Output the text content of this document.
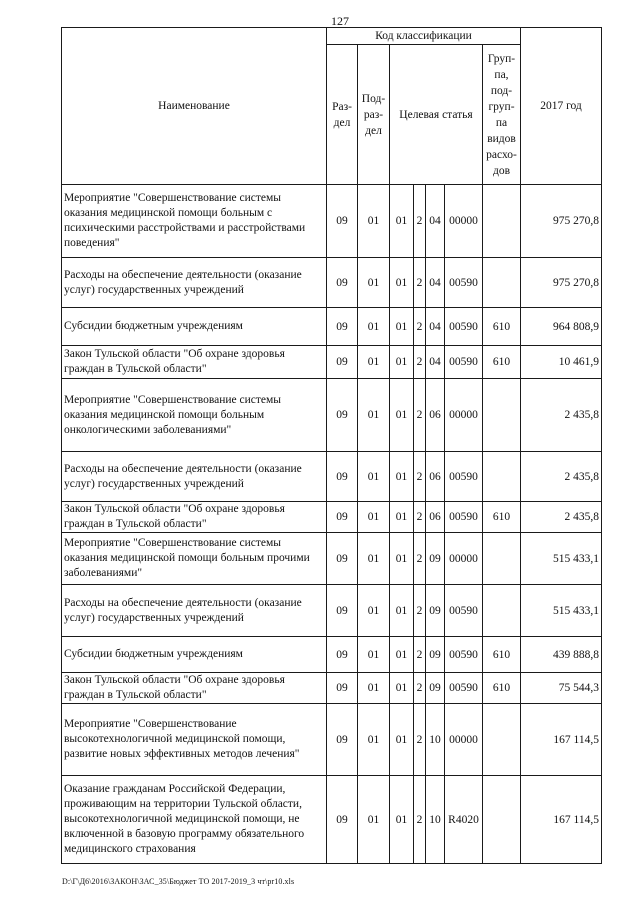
127
Наименование	Код классификации							2017 год
	Раз- дел	Под- раз- дел	Целевая статья				Груп- па, под- груп- па видов расхо- дов	
Мероприятие "Совершенствование системы оказания медицинской помощи больным с психическими расстройствами и расстройствами поведения"	09	01	01	2	04	00000		975 270,8
Расходы на обеспечение деятельности (оказание услуг) государственных учреждений	09	01	01	2	04	00590		975 270,8
Субсидии бюджетным учреждениям	09	01	01	2	04	00590	610	964 808,9
Закон Тульской области "Об охране здоровья граждан в Тульской области"	09	01	01	2	04	00590	610	10 461,9
Мероприятие "Совершенствование системы оказания медицинской помощи больным онкологическими заболеваниями"	09	01	01	2	06	00000		2 435,8
Расходы на обеспечение деятельности (оказание услуг) государственных учреждений	09	01	01	2	06	00590		2 435,8
Закон Тульской области "Об охране здоровья граждан в Тульской области"	09	01	01	2	06	00590	610	2 435,8
Мероприятие "Совершенствование системы оказания медицинской помощи больным прочими заболеваниями"	09	01	01	2	09	00000		515 433,1
Расходы на обеспечение деятельности (оказание услуг) государственных учреждений	09	01	01	2	09	00590		515 433,1
Субсидии бюджетным учреждениям	09	01	01	2	09	00590	610	439 888,8
Закон Тульской области "Об охране здоровья граждан в Тульской области"	09	01	01	2	09	00590	610	75 544,3
Мероприятие "Совершенствование высокотехнологичной медицинской помощи, развитие новых эффективных методов лечения"	09	01	01	2	10	00000		167 114,5
Оказание гражданам Российской Федерации, проживающим на территории Тульской области, высокотехнологичной медицинской помощи, не включенной в базовую программу обязательного медицинского страхования	09	01	01	2	10	R4020		167 114,5
D:\Г\Д6\2016\ЗАКОН\ЗАС_35\Бюджет ТО 2017-2019_3 чт\pr10.xls
